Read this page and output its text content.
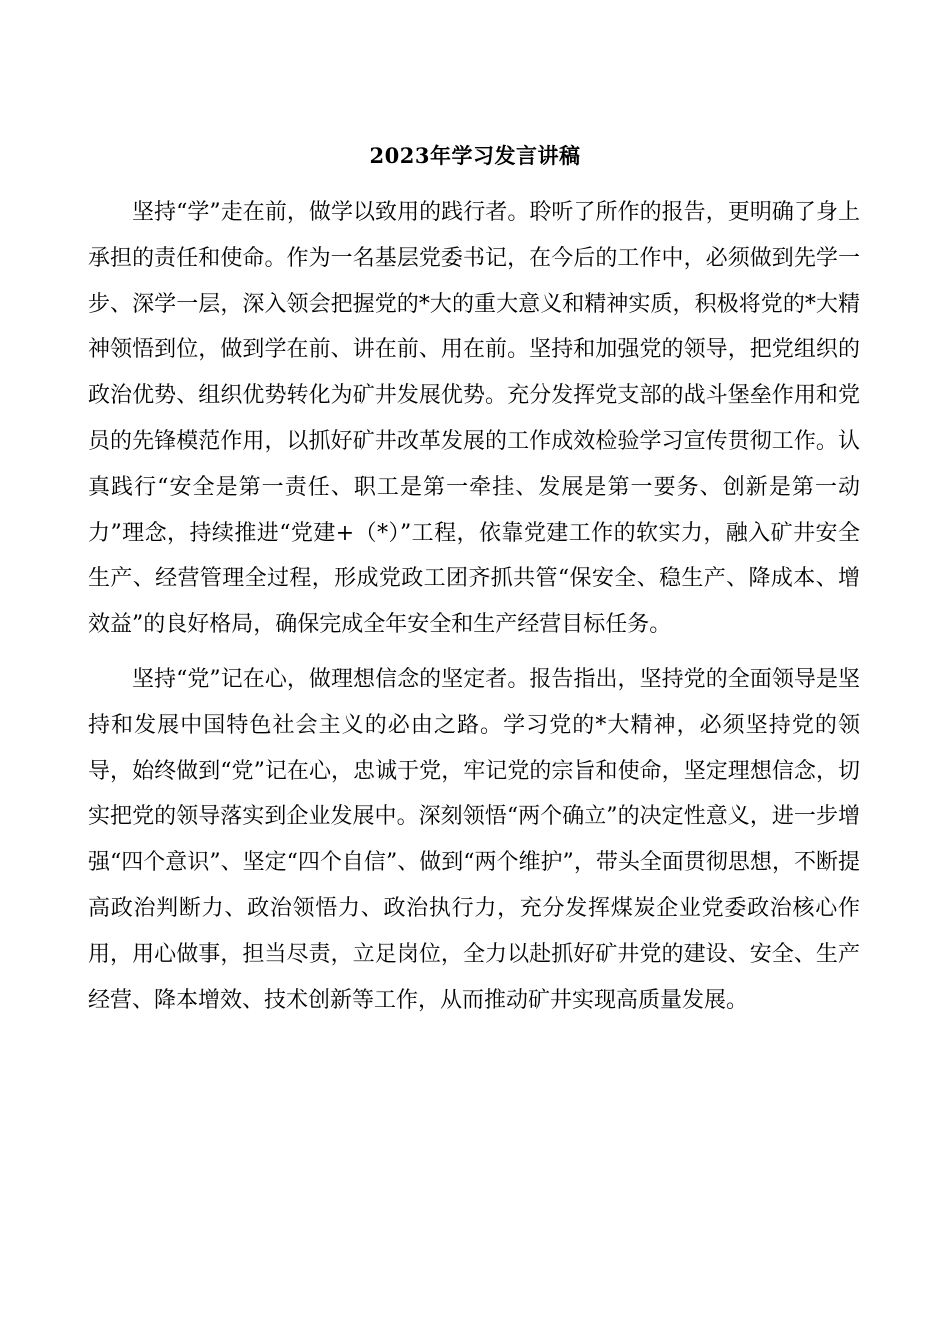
2023年学习发言讲稿

坚持“学”走在前，做学以致用的践行者。聆听了所作的报告，更明确了身上承担的责任和使命。作为一名基层党委书记，在今后的工作中，必须做到先学一步、深学一层，深入领会把握党的*大的重大意义和精神实质，积极将党的*大精神领悟到位，做到学在前、讲在前、用在前。坚持和加强党的领导，把党组织的政治优势、组织优势转化为矿井发展优势。充分发挥党支部的战斗堡垒作用和党员的先锋模范作用，以抓好矿井改革发展的工作成效检验学习宣传贯彻工作。认真践行“安全是第一责任、职工是第一牵挂、发展是第一要务、创新是第一动力”理念，持续推进“党建+（*）”工程，依靠党建工作的软实力，融入矿井安全生产、经营管理全过程，形成党政工团齐抓共管“保安全、稳生产、降成本、增效益”的良好格局，确保完成全年安全和生产经营目标任务。

坚持“党”记在心，做理想信念的坚定者。报告指出，坚持党的全面领导是坚持和发展中国特色社会主义的必由之路。学习党的*大精神，必须坚持党的领导，始终做到“党”记在心，忠诚于党，牢记党的宗旨和使命，坚定理想信念，切实把党的领导落实到企业发展中。深刻领悟“两个确立”的决定性意义，进一步增强“四个意识”、坚定“四个自信”、做到“两个维护”，带头全面贯彻思想，不断提高政治判断力、政治领悟力、政治执行力，充分发挥煤炭企业党委政治核心作用，用心做事，担当尽责，立足岗位，全力以赴抓好矿井党的建设、安全、生产经营、降本增效、技术创新等工作，从而推动矿井实现高质量发展。
